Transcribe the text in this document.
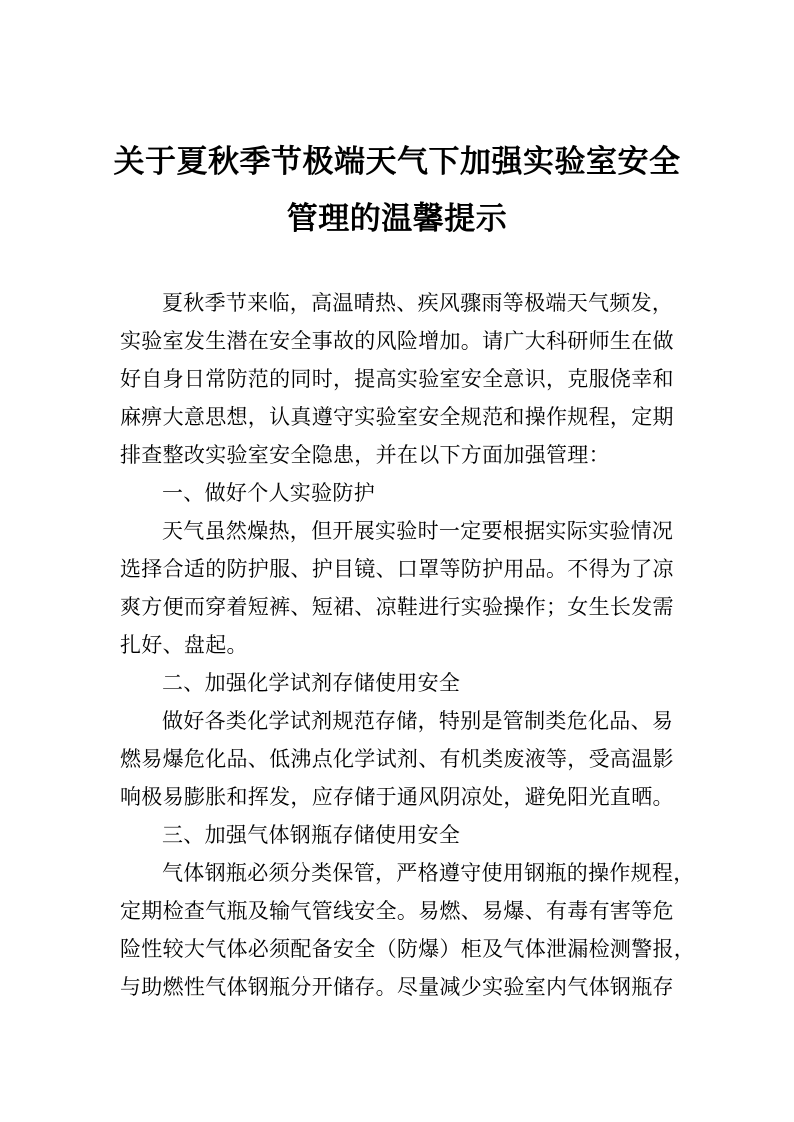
关于夏秋季节极端天气下加强实验室安全
管理的温馨提示
夏秋季节来临，高温晴热、疾风骤雨等极端天气频发，
实验室发生潜在安全事故的风险增加。请广大科研师生在做
好自身日常防范的同时，提高实验室安全意识，克服侥幸和
麻痹大意思想，认真遵守实验室安全规范和操作规程，定期
排查整改实验室安全隐患，并在以下方面加强管理：
一、做好个人实验防护
天气虽然燥热，但开展实验时一定要根据实际实验情况
选择合适的防护服、护目镜、口罩等防护用品。不得为了凉
爽方便而穿着短裤、短裙、凉鞋进行实验操作；女生长发需
扎好、盘起。
二、加强化学试剂存储使用安全
做好各类化学试剂规范存储，特别是管制类危化品、易
燃易爆危化品、低沸点化学试剂、有机类废液等，受高温影
响极易膨胀和挥发，应存储于通风阴凉处，避免阳光直晒。
三、加强气体钢瓶存储使用安全
气体钢瓶必须分类保管，严格遵守使用钢瓶的操作规程，
定期检查气瓶及输气管线安全。易燃、易爆、有毒有害等危
险性较大气体必须配备安全（防爆）柜及气体泄漏检测警报，
与助燃性气体钢瓶分开储存。尽量减少实验室内气体钢瓶存
